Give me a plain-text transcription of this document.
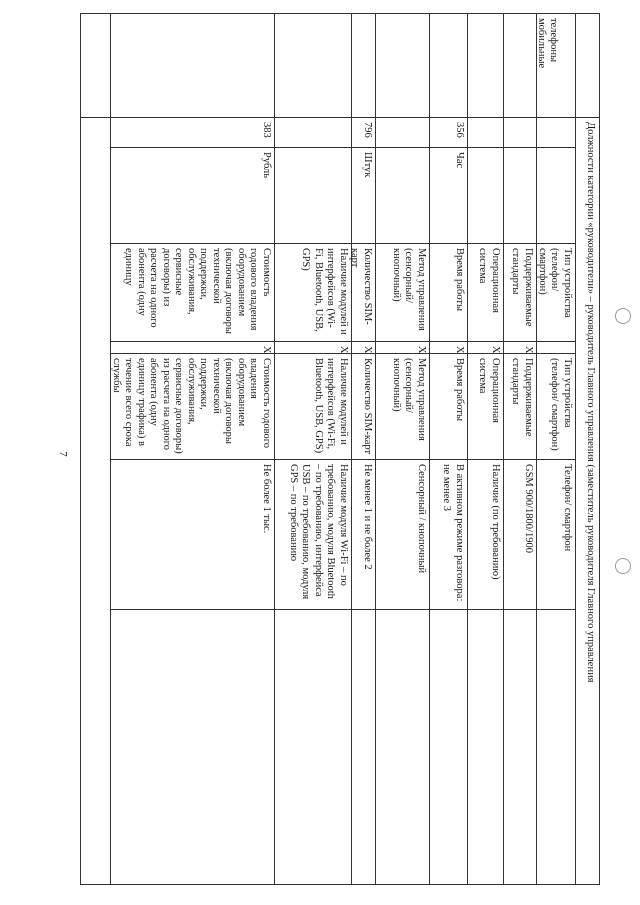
7	Должности категории «руководители» – руководитель Главного управления (заместитель руководителя Главного управления
Тип устройства (телефон/смартфон)
Тип устройства (телефон/ смартфон)
Телефон/ смартфон
Поддерживаемые стандарты
X
Поддерживаемые стандарты
GSM 900/1800/1900
Операционная система
X
Операционная система
Наличие (по требованию)
356
Час
Время работы
X
Время работы
В активном режиме разговора: не менее 3
Метод управления (сенсорный/ кнопочный)
X
Метод управления (сенсорный/ кнопочный)
Сенсорный / кнопочный
796
Штук
Количество SIM-карт
X
Количество SIM-карт
Не менее 1 и не более 2
Наличие модулей и интерфейсов (Wi-Fi, Bluetooth, USB, GPS)
X
Наличие модулей и интерфейсов (Wi-Fi, Bluetooth, USB, GPS)
Наличие модуля Wi-Fi – по требованию, модуля Bluetooth – по требованию, интерфейса USB – по требованию, модуля GPS – по требованию
383
Рубль
Стоимость годового владения оборудованием (включая договоры технической поддержки, обслуживания, сервисные договоры) из расчета на одного абонента (одну единицу
X
Стоимость годового владения оборудованием (включая договоры технической поддержки, обслуживания, сервисные договоры) из расчета на одного абонента (одну единицу трафика) в течение всего срока службы
Не более 1 тыс.

телефоны мобильные
